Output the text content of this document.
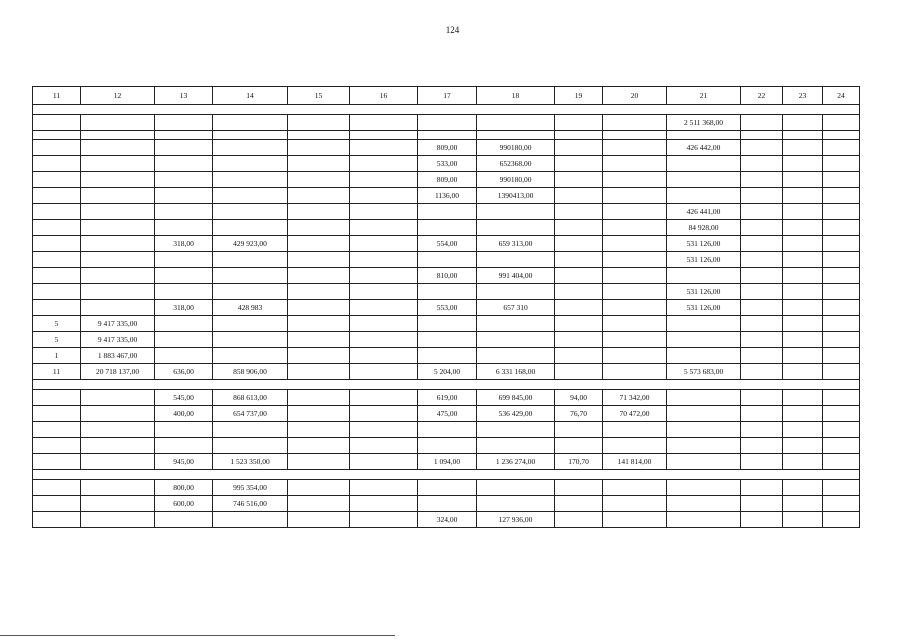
124
11	12	13	14	15	16	17	18	19	20	21	22	23	24

										2 511 368,00			

						809,00	990180,00			426 442,00			
						533,00	652368,00						
						809,00	990180,00						
						1136,00	1390413,00						
										426 441,00			
										84 928,00			
		318,00	429 923,00			554,00	659 313,00			531 126,00			
										531 126,00			
						810,00	991 404,00						
										531 126,00			
		318,00	428 983			553,00	657 310			531 126,00			
5	9 417 335,00												
5	9 417 335,00												
1	1 883 467,00												
11	20 718 137,00	636,00	858 906,00			5 204,00	6 331 168,00			5 573 683,00			

		545,00	868 613,00			619,00	699 845,00	94,00	71 342,00				
		400,00	654 737,00			475,00	536 429,00	76,70	70 472,00				

		945,00	1 523 350,00			1 094,00	1 236 274,00	170,70	141 814,00				

		800,00	995 354,00										
		600,00	746 516,00										
						324,00	127 936,00						
